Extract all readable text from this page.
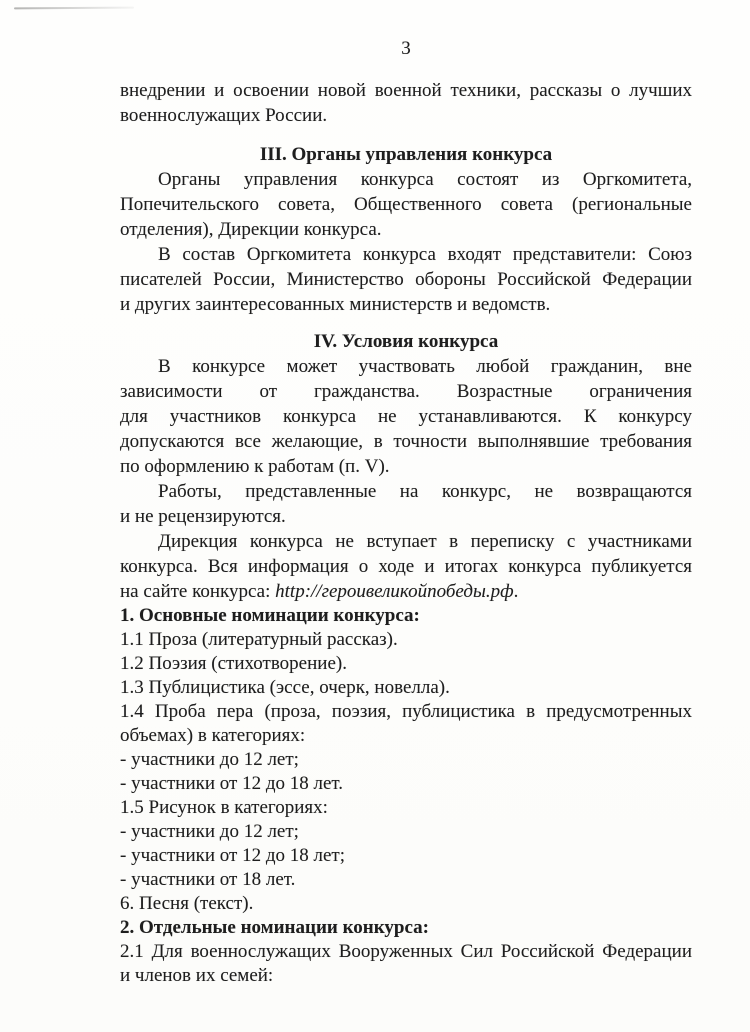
3
внедрении и освоении новой военной техники, рассказы о лучших
военнослужащих России.
III. Органы управления конкурса
Органы управления конкурса состоят из Оргкомитета,
Попечительского совета, Общественного совета (региональные
отделения), Дирекции конкурса.
В состав Оргкомитета конкурса входят представители: Союз
писателей России, Министерство обороны Российской Федерации
и других заинтересованных министерств и ведомств.
IV. Условия конкурса
В конкурсе может участвовать любой гражданин, вне
зависимости от гражданства. Возрастные ограничения
для участников конкурса не устанавливаются. К конкурсу
допускаются все желающие, в точности выполнявшие требования
по оформлению к работам (п. V).
Работы, представленные на конкурс, не возвращаются
и не рецензируются.
Дирекция конкурса не вступает в переписку с участниками
конкурса. Вся информация о ходе и итогах конкурса публикуется
на сайте конкурса: http://героивеликойпобеды.рф.
1. Основные номинации конкурса:
1.1 Проза (литературный рассказ).
1.2 Поэзия (стихотворение).
1.3 Публицистика (эссе, очерк, новелла).
1.4 Проба пера (проза, поэзия, публицистика в предусмотренных
объемах) в категориях:
- участники до 12 лет;
- участники от 12 до 18 лет.
1.5 Рисунок в категориях:
- участники до 12 лет;
- участники от 12 до 18 лет;
- участники от 18 лет.
6. Песня (текст).
2. Отдельные номинации конкурса:
2.1 Для военнослужащих Вооруженных Сил Российской Федерации
и членов их семей:
